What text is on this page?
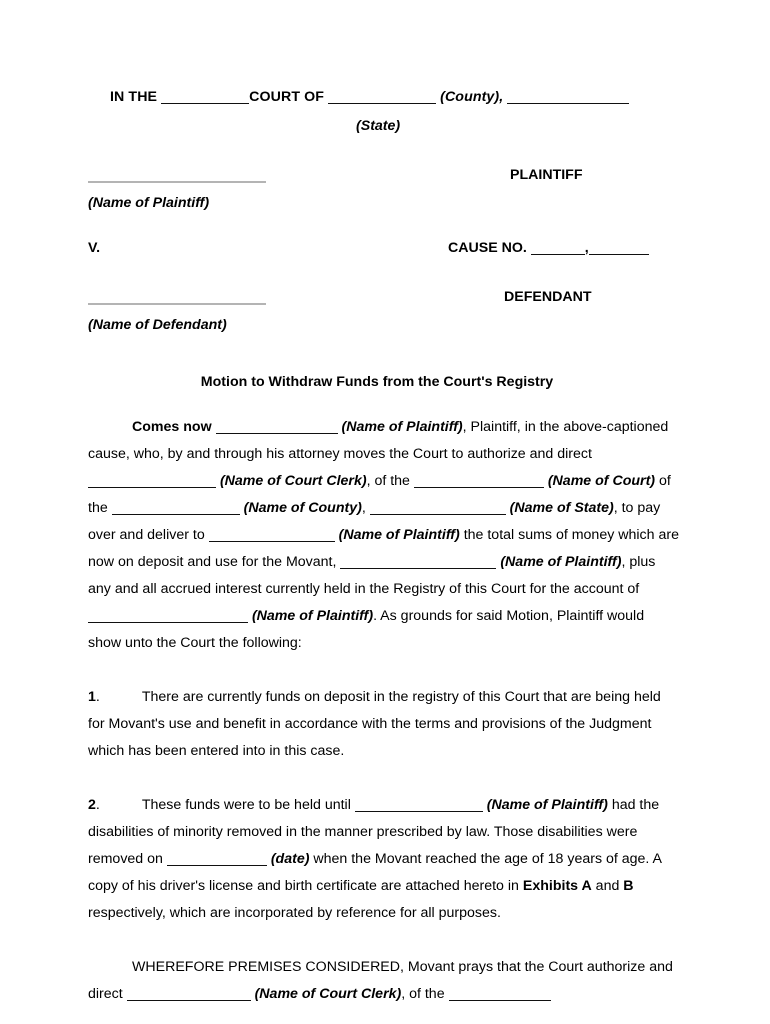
IN THE	COURT OF	(County),
(State)
PLAINTIFF
(Name of Plaintiff)
V.	CAUSE NO.	,
DEFENDANT
(Name of Defendant)
Motion to Withdraw Funds from the Court's Registry
Comes now	(Name of Plaintiff), Plaintiff, in the above-captioned cause, who, by and through his attorney moves the Court to authorize and direct  (Name of Court Clerk), of the	(Name of Court) of the	(Name of County),	(Name of State), to pay over and deliver to	(Name of Plaintiff) the total sums of money which are now on deposit and use for the Movant,	(Name of Plaintiff), plus any and all accrued interest currently held in the Registry of this Court for the account of  (Name of Plaintiff). As grounds for said Motion, Plaintiff would show unto the Court the following:
1.	There are currently funds on deposit in the registry of this Court that are being held for Movant's use and benefit in accordance with the terms and provisions of the Judgment which has been entered into in this case.
2.	These funds were to be held until	(Name of Plaintiff) had the disabilities of minority removed in the manner prescribed by law. Those disabilities were removed on	(date) when the Movant reached the age of 18 years of age. A copy of his driver's license and birth certificate are attached hereto in Exhibits A and B respectively, which are incorporated by reference for all purposes.
WHEREFORE PREMISES CONSIDERED, Movant prays that the Court authorize and direct	(Name of Court Clerk), of the
